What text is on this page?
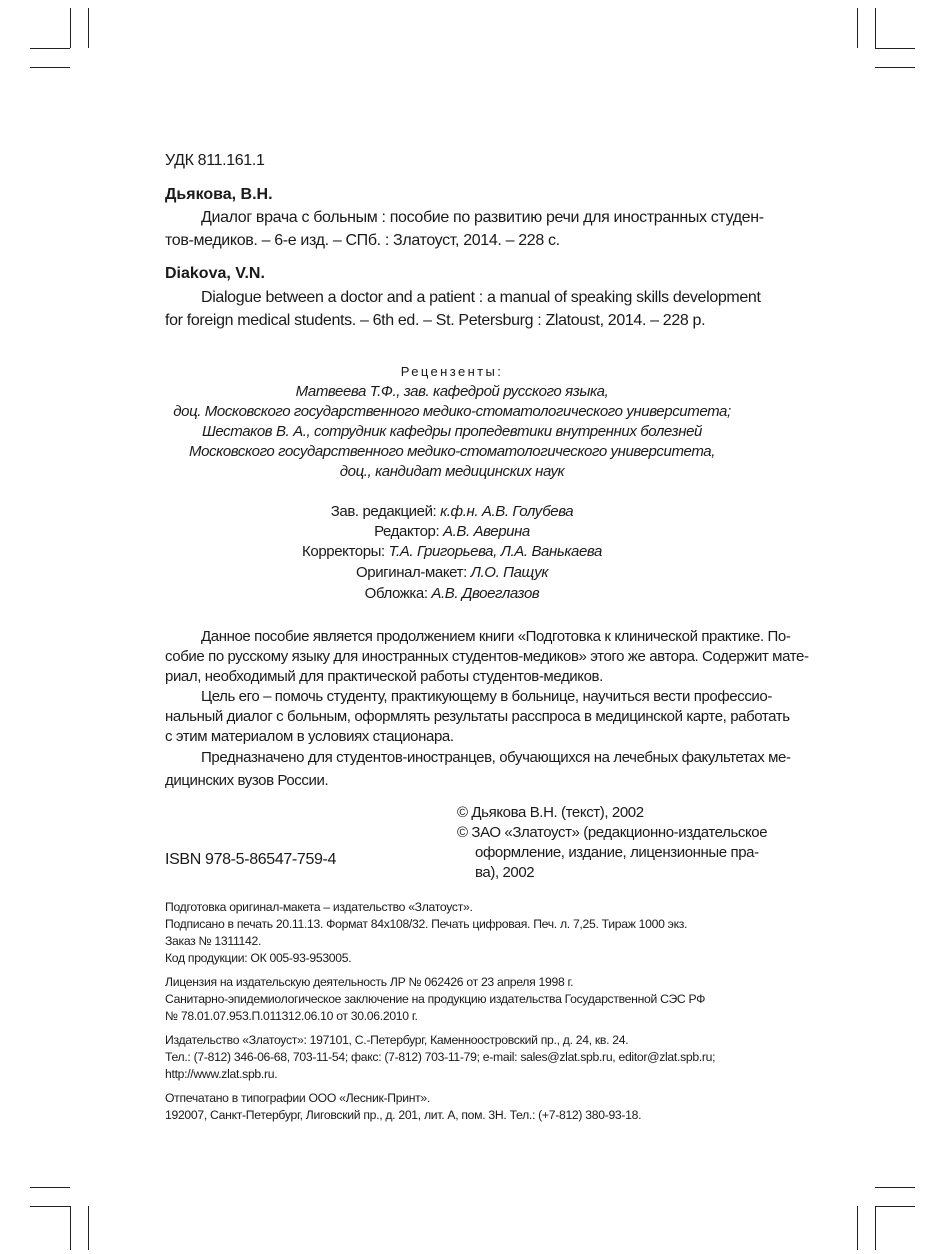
УДК 811.161.1
Дьякова, В.Н.
Диалог врача с больным : пособие по развитию речи для иностранных студен-
тов-медиков. – 6-е изд. – СПб. : Златоуст, 2014. – 228 с.
Diakova, V.N.
Dialogue between a doctor and a patient : a manual of speaking skills development
for foreign medical students. – 6th ed. – St. Petersburg : Zlatoust, 2014. – 228 p.
Рецензенты:
Матвеева Т.Ф., зав. кафедрой русского языка,
доц. Московского государственного медико-стоматологического университета;
Шестаков В. А., сотрудник кафедры пропедевтики внутренних болезней
Московского государственного медико-стоматологического университета,
доц., кандидат медицинских наук
Зав. редакцией: к.ф.н. А.В. Голубева
Редактор: А.В. Аверина
Корректоры: Т.А. Григорьева, Л.А. Ванькаева
Оригинал-макет: Л.О. Пащук
Обложка: А.В. Двоеглазов
Данное пособие является продолжением книги «Подготовка к клинической практике. По-
собие по русскому языку для иностранных студентов-медиков» этого же автора. Содержит мате-
риал, необходимый для практической работы студентов-медиков.
Цель его – помочь студенту, практикующему в больнице, научиться вести профессио-
нальный диалог с больным, оформлять результаты расспроса в медицинской карте, работать
с этим материалом в условиях стационара.
Предназначено для студентов-иностранцев, обучающихся на лечебных факультетах ме-
дицинских вузов России.
© Дьякова В.Н. (текст), 2002
© ЗАО «Златоуст» (редакционно-издательское
оформление, издание, лицензионные пра-
ва), 2002
ISBN 978-5-86547-759-4
Подготовка оригинал-макета – издательство «Златоуст».
Подписано в печать 20.11.13. Формат 84х108/32. Печать цифровая. Печ. л. 7,25. Тираж 1000 экз.
Заказ № 1311142.
Код продукции: ОК 005-93-953005.
Лицензия на издательскую деятельность ЛР № 062426 от 23 апреля 1998 г.
Санитарно-эпидемиологическое заключение на продукцию издательства Государственной СЭС РФ
№ 78.01.07.953.П.011312.06.10 от 30.06.2010 г.
Издательство «Златоуст»: 197101, С.-Петербург, Каменноостровский пр., д. 24, кв. 24.
Тел.: (7-812) 346-06-68, 703-11-54; факс: (7-812) 703-11-79; e-mail: sales@zlat.spb.ru, editor@zlat.spb.ru;
http://www.zlat.spb.ru.
Отпечатано в типографии ООО «Лесник-Принт».
192007, Санкт-Петербург, Лиговский пр., д. 201, лит. А, пом. 3Н. Тел.: (+7-812) 380-93-18.
